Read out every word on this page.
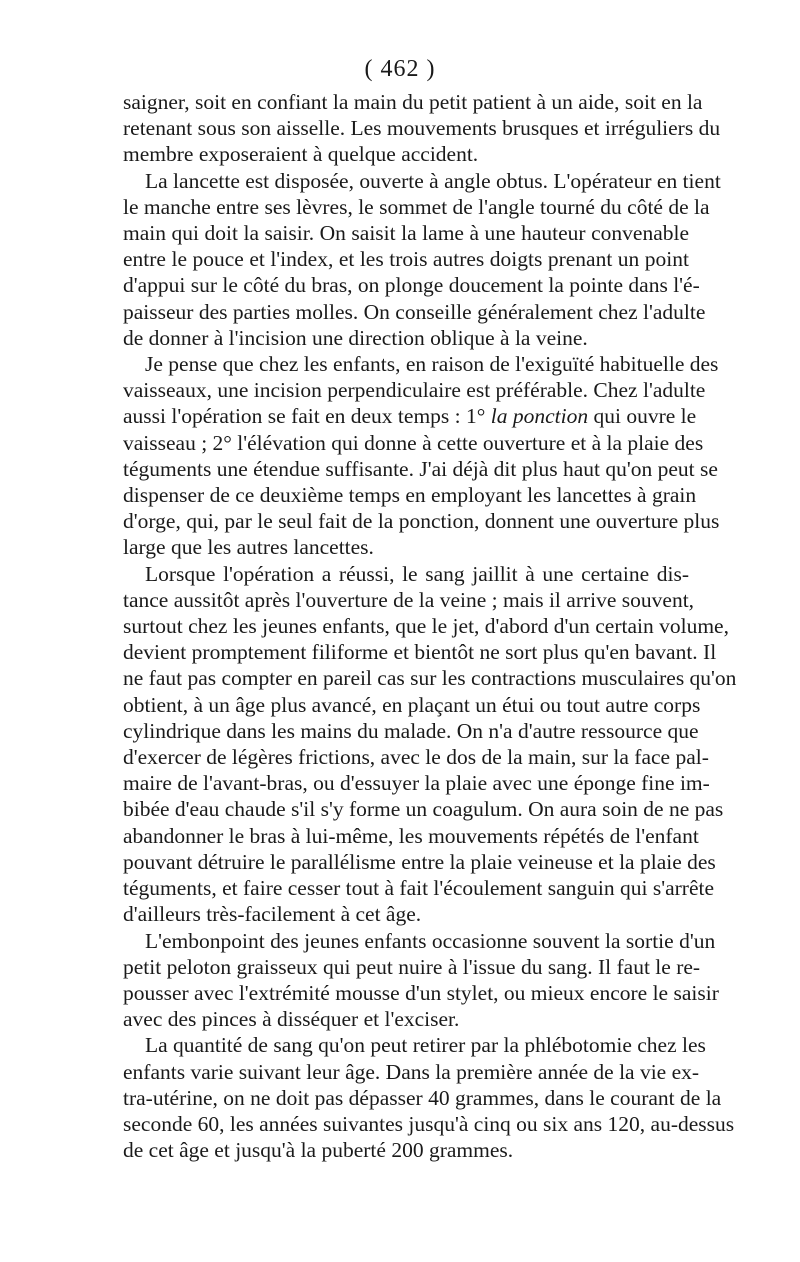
( 462 )
saigner, soit en confiant la main du petit patient à un aide, soit en la
retenant sous son aisselle. Les mouvements brusques et irréguliers du
membre exposeraient à quelque accident.
La lancette est disposée, ouverte à angle obtus. L'opérateur en tient
le manche entre ses lèvres, le sommet de l'angle tourné du côté de la
main qui doit la saisir. On saisit la lame à une hauteur convenable
entre le pouce et l'index, et les trois autres doigts prenant un point
d'appui sur le côté du bras, on plonge doucement la pointe dans l'é-
paisseur des parties molles. On conseille généralement chez l'adulte
de donner à l'incision une direction oblique à la veine.
Je pense que chez les enfants, en raison de l'exiguïté habituelle des
vaisseaux, une incision perpendiculaire est préférable. Chez l'adulte
aussi l'opération se fait en deux temps : 1° la ponction qui ouvre le
vaisseau ; 2° l'élévation qui donne à cette ouverture et à la plaie des
téguments une étendue suffisante. J'ai déjà dit plus haut qu'on peut se
dispenser de ce deuxième temps en employant les lancettes à grain
d'orge, qui, par le seul fait de la ponction, donnent une ouverture plus
large que les autres lancettes.
Lorsque l'opération a réussi, le sang jaillit à une certaine dis-
tance aussitôt après l'ouverture de la veine ; mais il arrive souvent,
surtout chez les jeunes enfants, que le jet, d'abord d'un certain volume,
devient promptement filiforme et bientôt ne sort plus qu'en bavant. Il
ne faut pas compter en pareil cas sur les contractions musculaires qu'on
obtient, à un âge plus avancé, en plaçant un étui ou tout autre corps
cylindrique dans les mains du malade. On n'a d'autre ressource que
d'exercer de légères frictions, avec le dos de la main, sur la face pal-
maire de l'avant-bras, ou d'essuyer la plaie avec une éponge fine im-
bibée d'eau chaude s'il s'y forme un coagulum. On aura soin de ne pas
abandonner le bras à lui-même, les mouvements répétés de l'enfant
pouvant détruire le parallélisme entre la plaie veineuse et la plaie des
téguments, et faire cesser tout à fait l'écoulement sanguin qui s'arrête
d'ailleurs très-facilement à cet âge.
L'embonpoint des jeunes enfants occasionne souvent la sortie d'un
petit peloton graisseux qui peut nuire à l'issue du sang. Il faut le re-
pousser avec l'extrémité mousse d'un stylet, ou mieux encore le saisir
avec des pinces à disséquer et l'exciser.
La quantité de sang qu'on peut retirer par la phlébotomie chez les
enfants varie suivant leur âge. Dans la première année de la vie ex-
tra-utérine, on ne doit pas dépasser 40 grammes, dans le courant de la
seconde 60, les années suivantes jusqu'à cinq ou six ans 120, au-dessus
de cet âge et jusqu'à la puberté 200 grammes.
